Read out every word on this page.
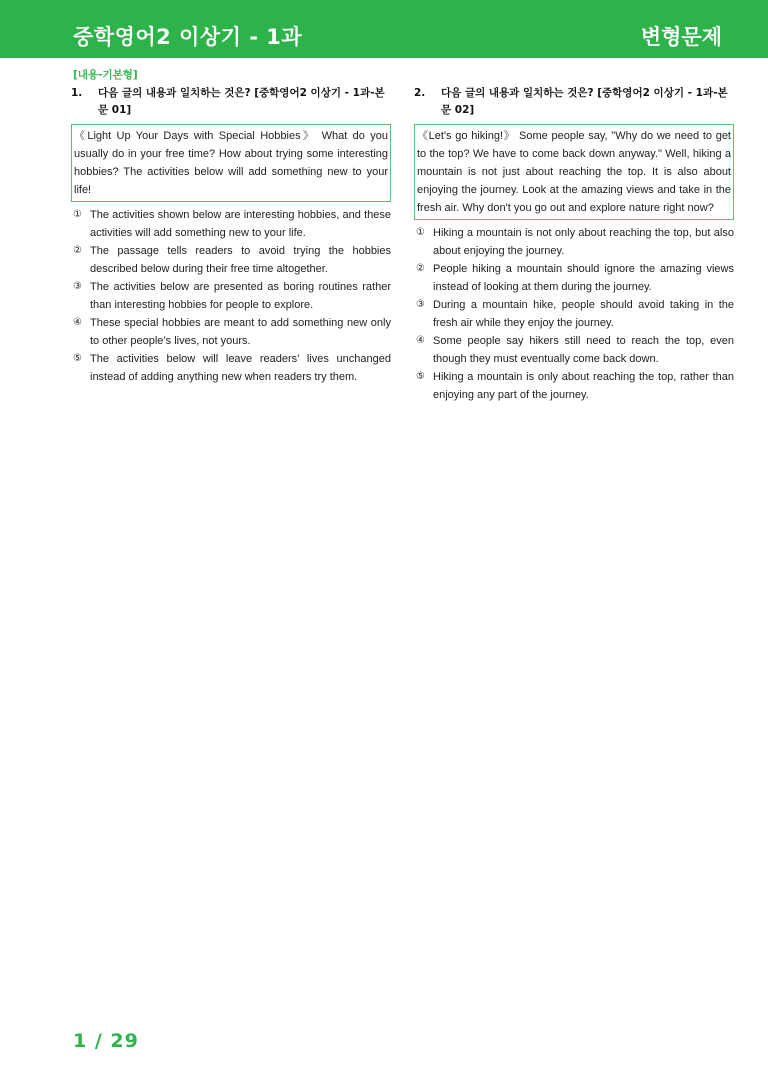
중학영어2 이상기 - 1과	변형문제
[내용-기본형]
1.	다음 글의 내용과 일치하는 것은? [중학영어2 이상기 - 1과-본문 01]
《Light Up Your Days with Special Hobbies》 What do you usually do in your free time? How about trying some interesting hobbies? The activities below will add something new to your life!
① The activities shown below are interesting hobbies, and these activities will add something new to your life.
② The passage tells readers to avoid trying the hobbies described below during their free time altogether.
③ The activities below are presented as boring routines rather than interesting hobbies for people to explore.
④ These special hobbies are meant to add something new only to other people’s lives, not yours.
⑤ The activities below will leave readers’ lives unchanged instead of adding anything new when readers try them.
2.	다음 글의 내용과 일치하는 것은? [중학영어2 이상기 - 1과-본문 02]
《Let's go hiking!》 Some people say, "Why do we need to get to the top? We have to come back down anyway." Well, hiking a mountain is not just about reaching the top. It is also about enjoying the journey. Look at the amazing views and take in the fresh air. Why don't you go out and explore nature right now?
① Hiking a mountain is not only about reaching the top, but also about enjoying the journey.
② People hiking a mountain should ignore the amazing views instead of looking at them during the journey.
③ During a mountain hike, people should avoid taking in the fresh air while they enjoy the journey.
④ Some people say hikers still need to reach the top, even though they must eventually come back down.
⑤ Hiking a mountain is only about reaching the top, rather than enjoying any part of the journey.
1 / 29
